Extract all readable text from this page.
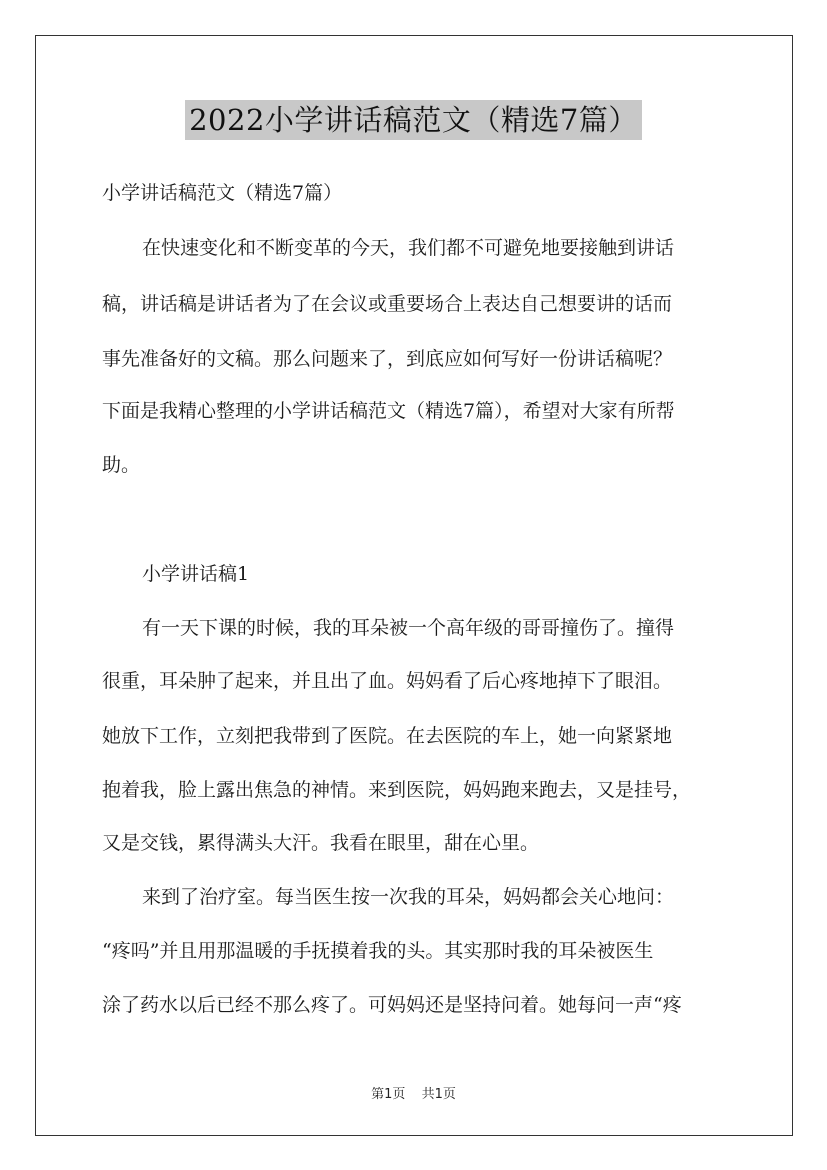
2022小学讲话稿范文（精选7篇）
小学讲话稿范文（精选7篇）
在快速变化和不断变革的今天，我们都不可避免地要接触到讲话
稿，讲话稿是讲话者为了在会议或重要场合上表达自己想要讲的话而
事先准备好的文稿。那么问题来了，到底应如何写好一份讲话稿呢？
下面是我精心整理的小学讲话稿范文（精选7篇），希望对大家有所帮
助。
小学讲话稿1
有一天下课的时候，我的耳朵被一个高年级的哥哥撞伤了。撞得
很重，耳朵肿了起来，并且出了血。妈妈看了后心疼地掉下了眼泪。
她放下工作，立刻把我带到了医院。在去医院的车上，她一向紧紧地
抱着我，脸上露出焦急的神情。来到医院，妈妈跑来跑去，又是挂号，
又是交钱，累得满头大汗。我看在眼里，甜在心里。
来到了治疗室。每当医生按一次我的耳朵，妈妈都会关心地问：
“疼吗”并且用那温暖的手抚摸着我的头。其实那时我的耳朵被医生
涂了药水以后已经不那么疼了。可妈妈还是坚持问着。她每问一声“疼
第1页 共1页
